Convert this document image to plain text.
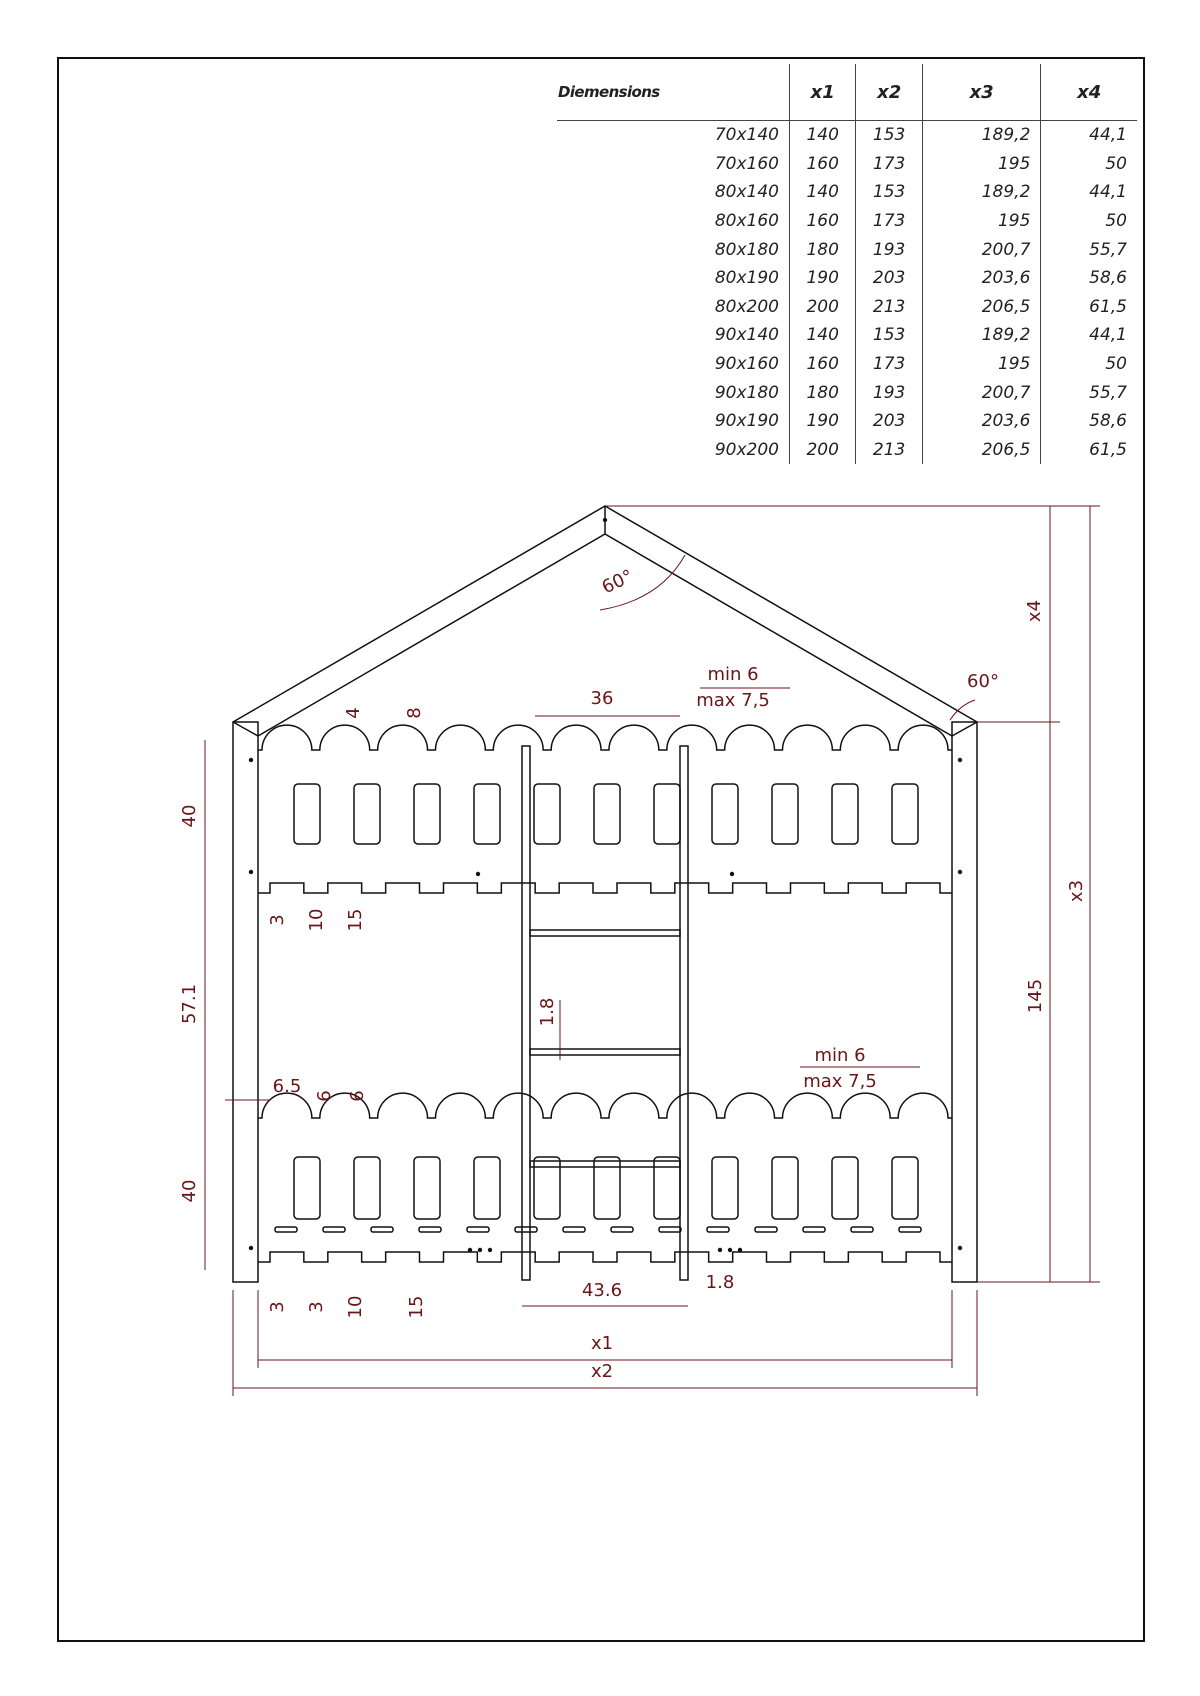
Diemensions	x1	x2	x3	x4
70x140	140	153	189,2	44,1
70x160	160	173	195	50
80x140	140	153	189,2	44,1
80x160	160	173	195	50
80x180	180	193	200,7	55,7
80x190	190	203	203,6	58,6
80x200	200	213	206,5	61,5
90x140	140	153	189,2	44,1
90x160	160	173	195	50
90x180	180	193	200,7	55,7
90x190	190	203	203,6	58,6
90x200	200	213	206,5	61,5
60°
60°
x4
x3
145
4 8
36
min 6
max 7,5
40
3 10 15
57.1	1.8
min 6
max 7,5
6.5 6 6
40
3 3 10 15
43.6	1.8
x1
x2
